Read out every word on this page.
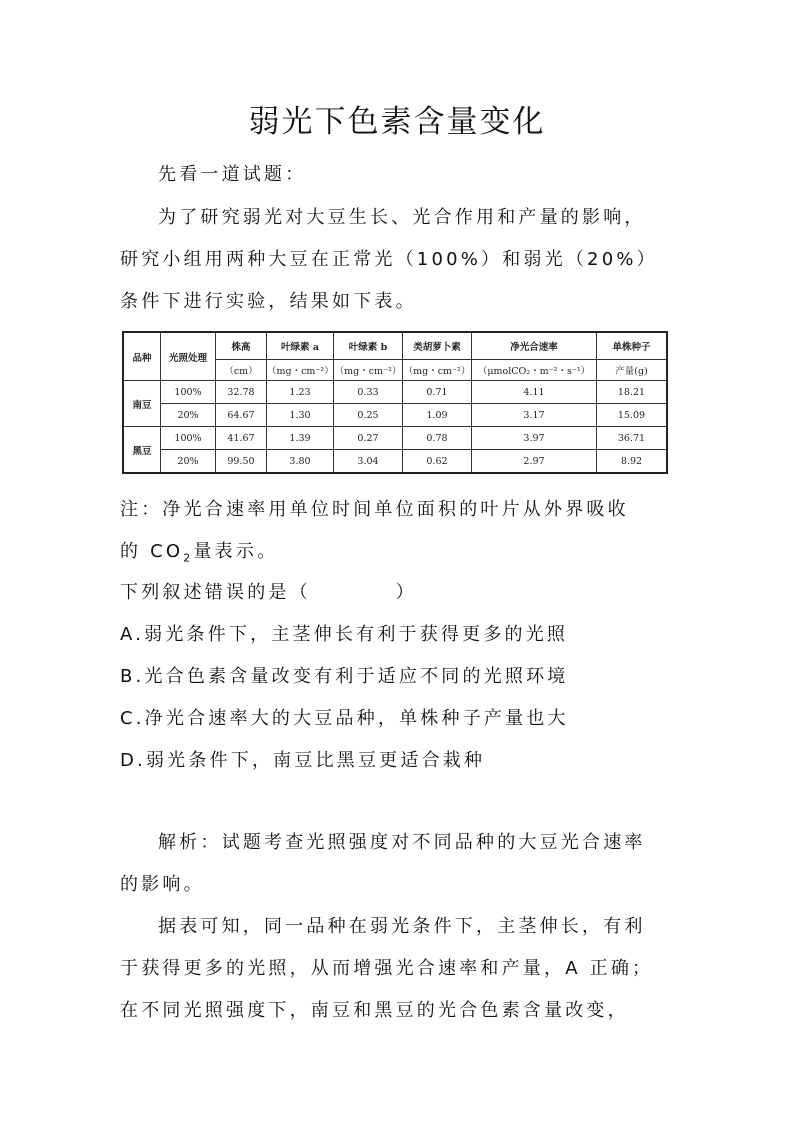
弱光下色素含量变化
先看一道试题：
为了研究弱光对大豆生长、光合作用和产量的影响，
研究小组用两种大豆在正常光（100%）和弱光（20%）
条件下进行实验，结果如下表。
品种	光照处理	株高	叶绿素 a	叶绿素 b	类胡萝卜素	净光合速率	单株种子
		（cm）	（mg・cm⁻²）	（mg・cm⁻²）	（mg・cm⁻²）	（μmolCO₂・m⁻²・s⁻¹）	产量(g)
南豆	100%	32.78	1.23	0.33	0.71	4.11	18.21
	20%	64.67	1.30	0.25	1.09	3.17	15.09
黑豆	100%	41.67	1.39	0.27	0.78	3.97	36.71
	20%	99.50	3.80	3.04	0.62	2.97	8.92
注：净光合速率用单位时间单位面积的叶片从外界吸收
的 $CO_2$量表示。
下列叙述错误的是（　　　　）
A.弱光条件下，主茎伸长有利于获得更多的光照
B.光合色素含量改变有利于适应不同的光照环境
C.净光合速率大的大豆品种，单株种子产量也大
D.弱光条件下，南豆比黑豆更适合栽种
解析：试题考查光照强度对不同品种的大豆光合速率
的影响。
据表可知，同一品种在弱光条件下，主茎伸长，有利
于获得更多的光照，从而增强光合速率和产量，A 正确；
在不同光照强度下，南豆和黑豆的光合色素含量改变，
